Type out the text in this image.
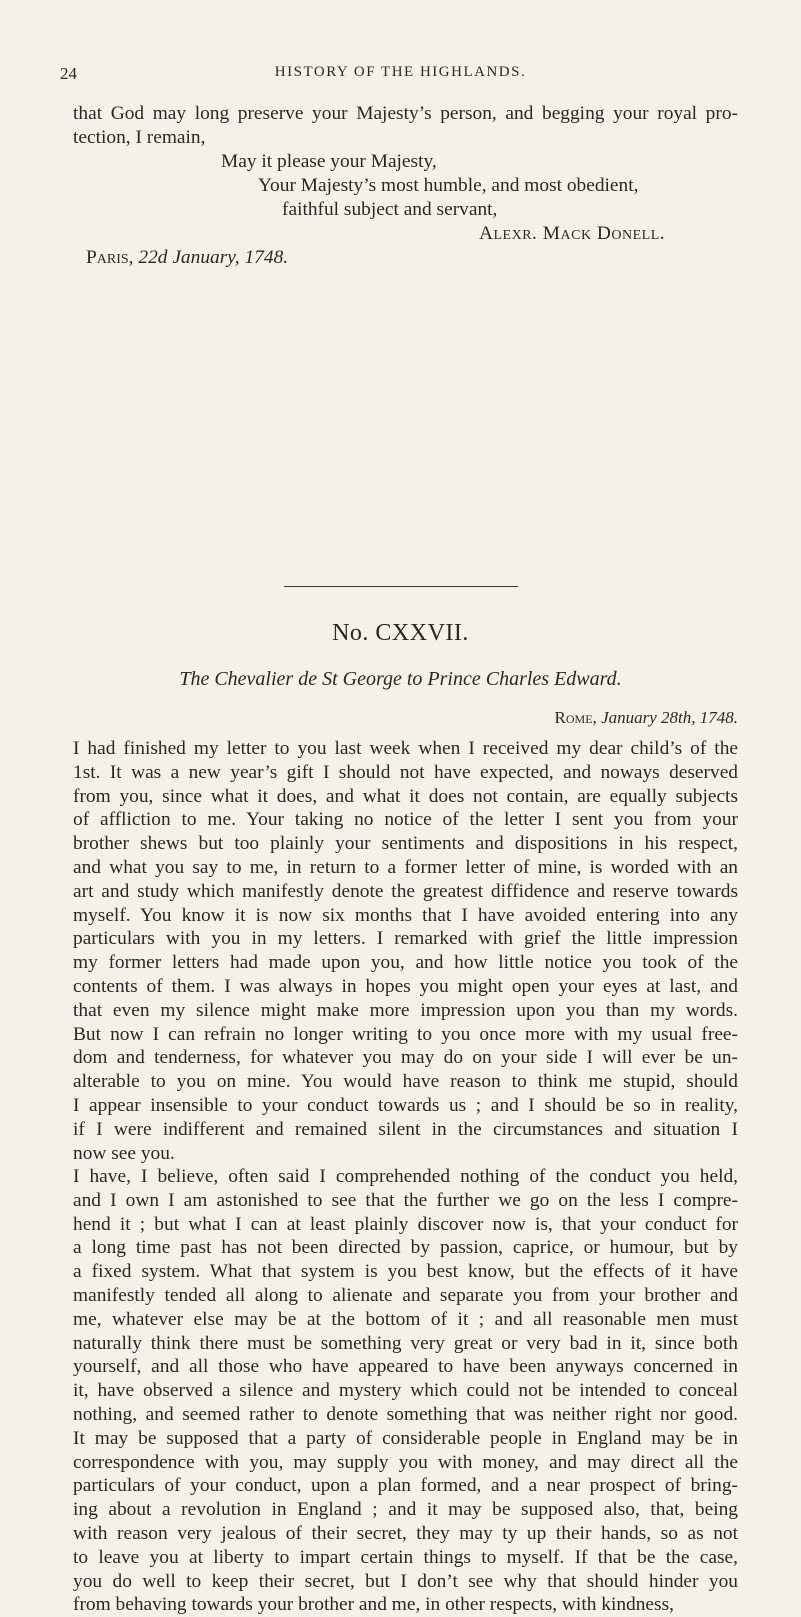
24	HISTORY OF THE HIGHLANDS.
that God may long preserve your Majesty’s person, and begging your royal pro-
tection, I remain,
May it please your Majesty,
Your Majesty’s most humble, and most obedient,
faithful subject and servant,
Alexr. Mack Donell.
Paris, 22d January, 1748.
No. CXXVII.
The Chevalier de St George to Prince Charles Edward.
Rome, January 28th, 1748.
I had finished my letter to you last week when I received my dear child’s of the
1st. It was a new year’s gift I should not have expected, and noways deserved
from you, since what it does, and what it does not contain, are equally subjects
of affliction to me. Your taking no notice of the letter I sent you from your
brother shews but too plainly your sentiments and dispositions in his respect,
and what you say to me, in return to a former letter of mine, is worded with an
art and study which manifestly denote the greatest diffidence and reserve towards
myself. You know it is now six months that I have avoided entering into any
particulars with you in my letters. I remarked with grief the little impression
my former letters had made upon you, and how little notice you took of the
contents of them. I was always in hopes you might open your eyes at last, and
that even my silence might make more impression upon you than my words.
But now I can refrain no longer writing to you once more with my usual free-
dom and tenderness, for whatever you may do on your side I will ever be un-
alterable to you on mine. You would have reason to think me stupid, should
I appear insensible to your conduct towards us ; and I should be so in reality,
if I were indifferent and remained silent in the circumstances and situation I
now see you.
I have, I believe, often said I comprehended nothing of the conduct you held,
and I own I am astonished to see that the further we go on the less I compre-
hend it ; but what I can at least plainly discover now is, that your conduct for
a long time past has not been directed by passion, caprice, or humour, but by
a fixed system. What that system is you best know, but the effects of it have
manifestly tended all along to alienate and separate you from your brother and
me, whatever else may be at the bottom of it ; and all reasonable men must
naturally think there must be something very great or very bad in it, since both
yourself, and all those who have appeared to have been anyways concerned in
it, have observed a silence and mystery which could not be intended to conceal
nothing, and seemed rather to denote something that was neither right nor good.
It may be supposed that a party of considerable people in England may be in
correspondence with you, may supply you with money, and may direct all the
particulars of your conduct, upon a plan formed, and a near prospect of bring-
ing about a revolution in England ; and it may be supposed also, that, being
with reason very jealous of their secret, they may ty up their hands, so as not
to leave you at liberty to impart certain things to myself. If that be the case,
you do well to keep their secret, but I don’t see why that should hinder you
from behaving towards your brother and me, in other respects, with kindness,
